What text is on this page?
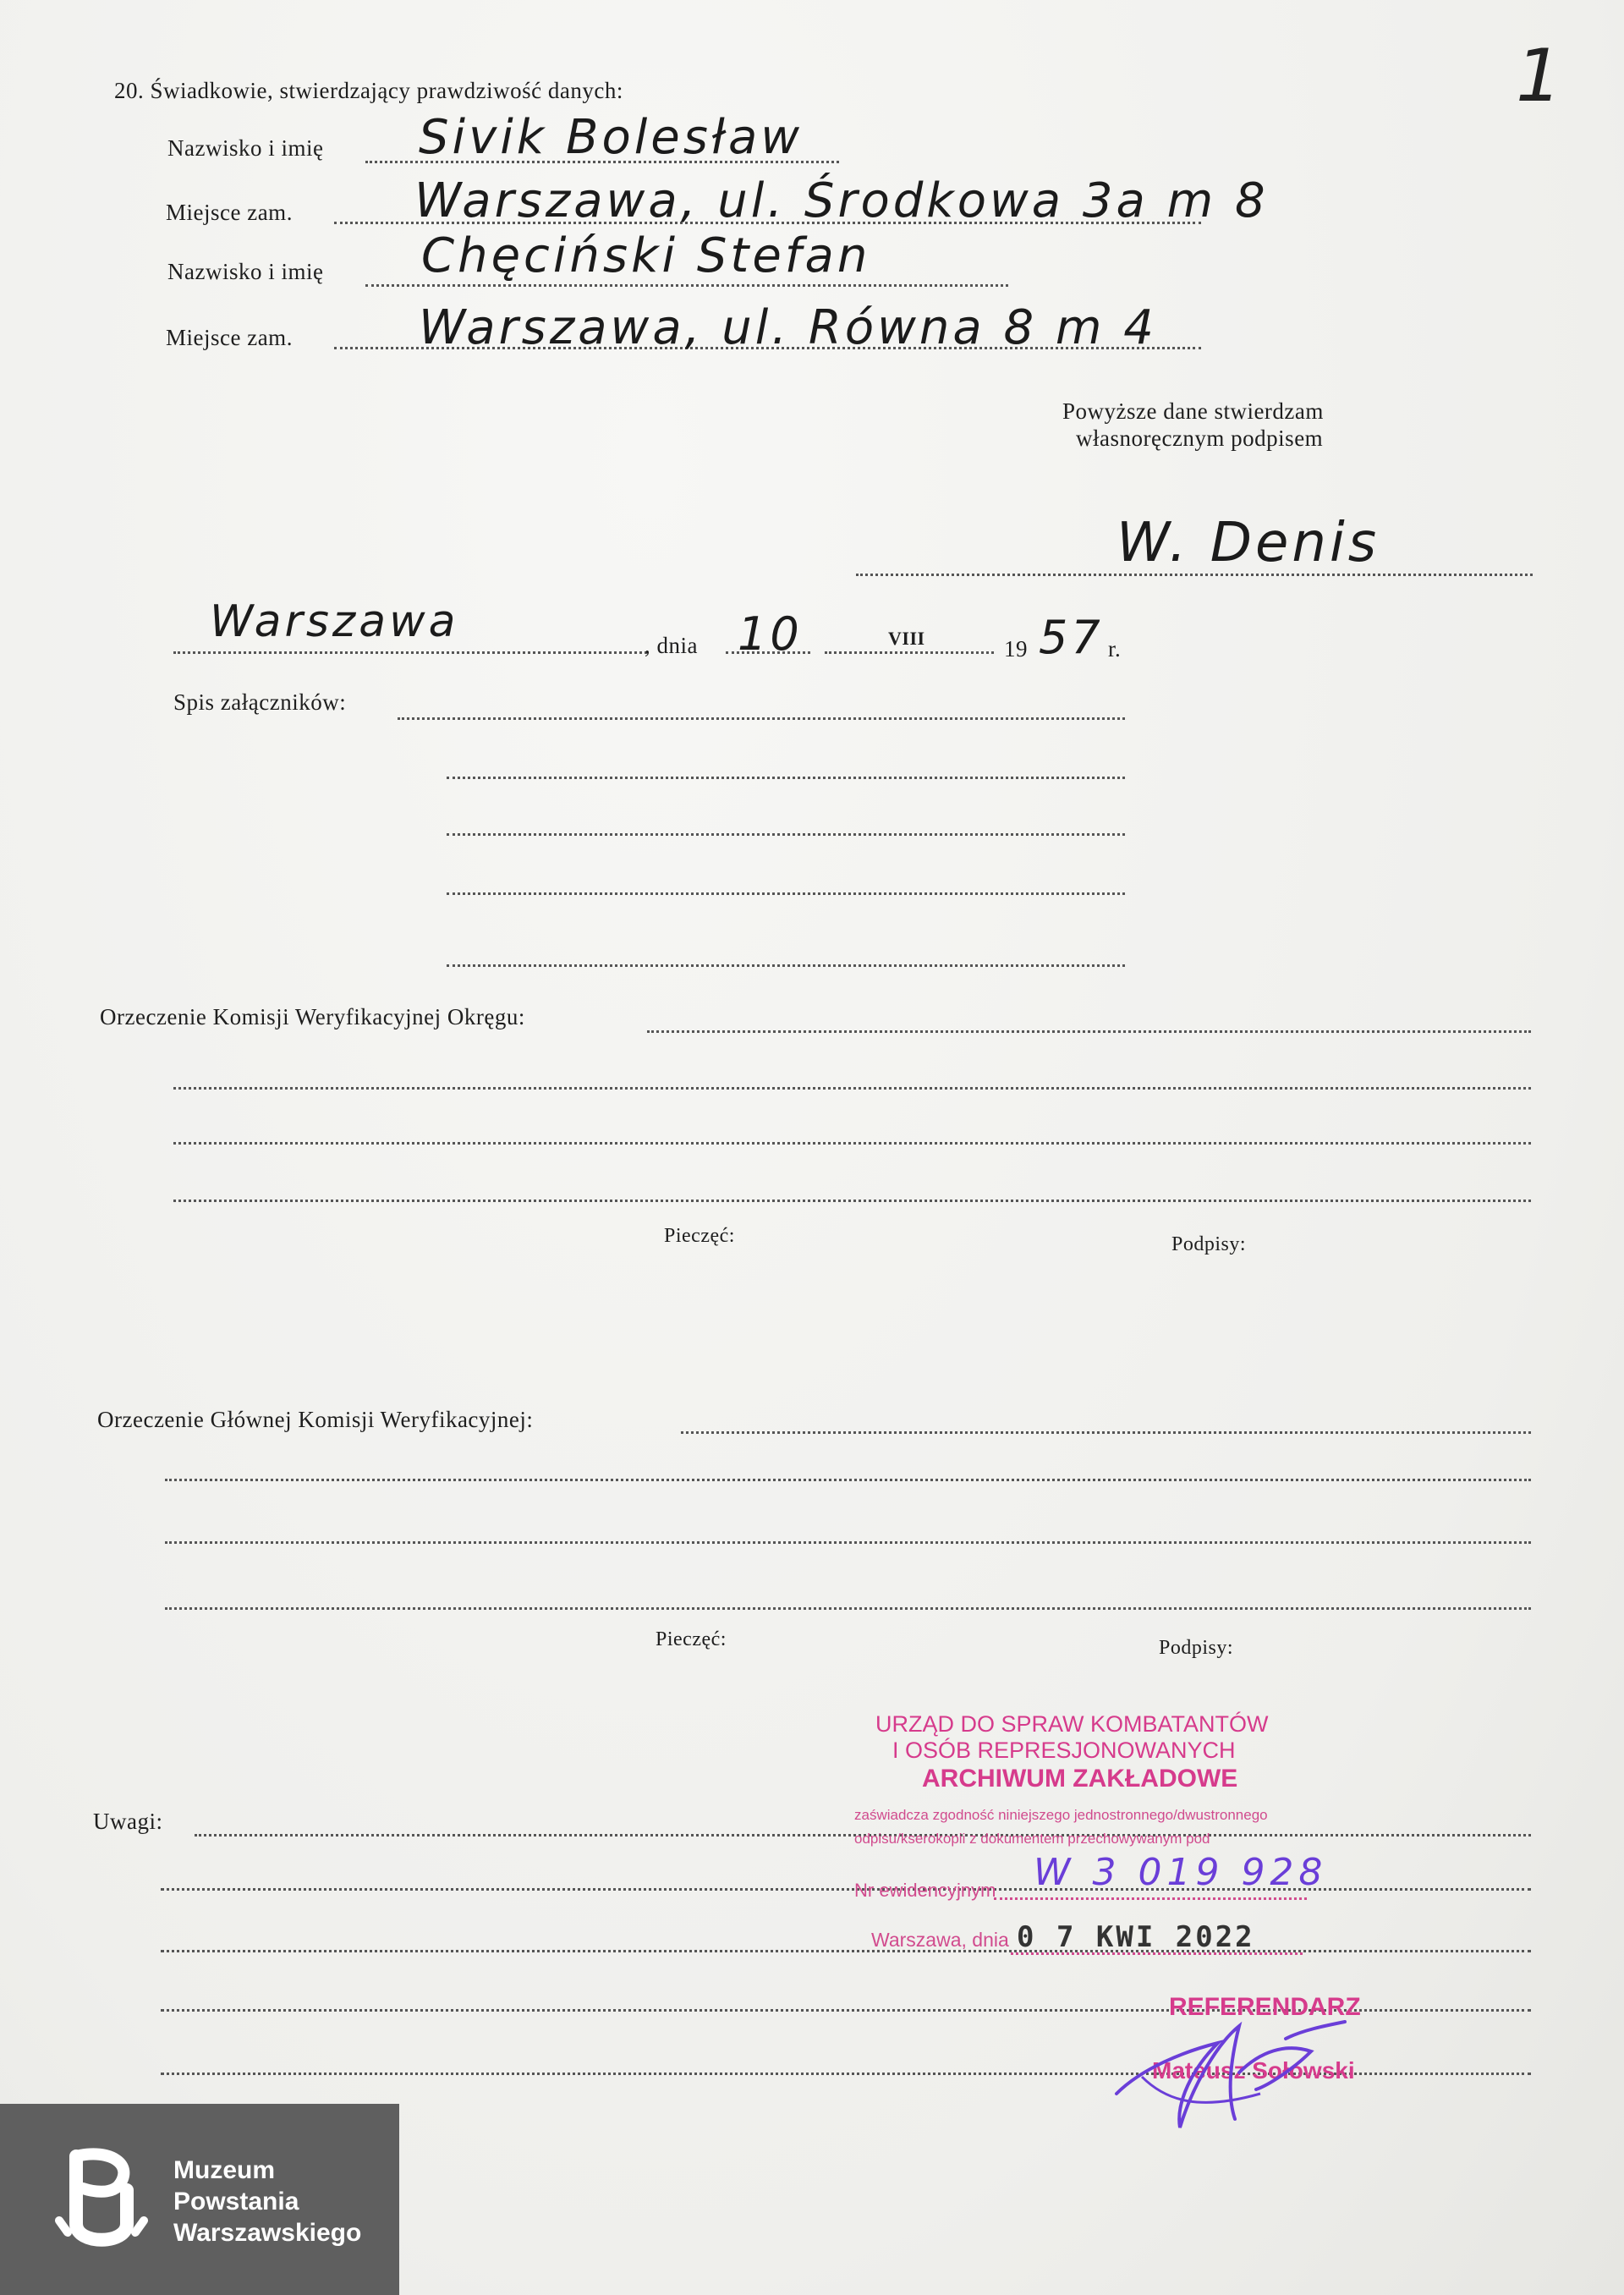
1
20. Świadkowie, stwierdzający prawdziwość danych:
Nazwisko i imię Sivik Bolesław
Miejsce zam.	Warszawa, ul. Środkowa 3a m 8
Nazwisko i imię Chęciński Stefan
Miejsce zam.	Warszawa, ul. Równa 8 m 4
Powyższe dane stwierdzam
własnoręcznym podpisem
W. Denis
Warszawa	, dnia 10	VIII	19 57 r.
Spis załączników:
Orzeczenie Komisji Weryfikacyjnej Okręgu:
Pieczęć:	Podpisy:
Orzeczenie Głównej Komisji Weryfikacyjnej:
Pieczęć:	Podpisy:
Uwagi:
URZĄD DO SPRAW KOMBATANTÓW
I OSÓB REPRESJONOWANYCH
ARCHIWUM ZAKŁADOWE
zaświadcza zgodność niniejszego jednostronnego/dwustronnego
odpisu/kserokopii z dokumentem przechowywanym pod
Nr ewidencyjnym W 3 019 928
Warszawa, dnia 0 7 KWI 2022
REFERENDARZ
Mateusz Sołowski
Muzeum
Powstania
Warszawskiego
